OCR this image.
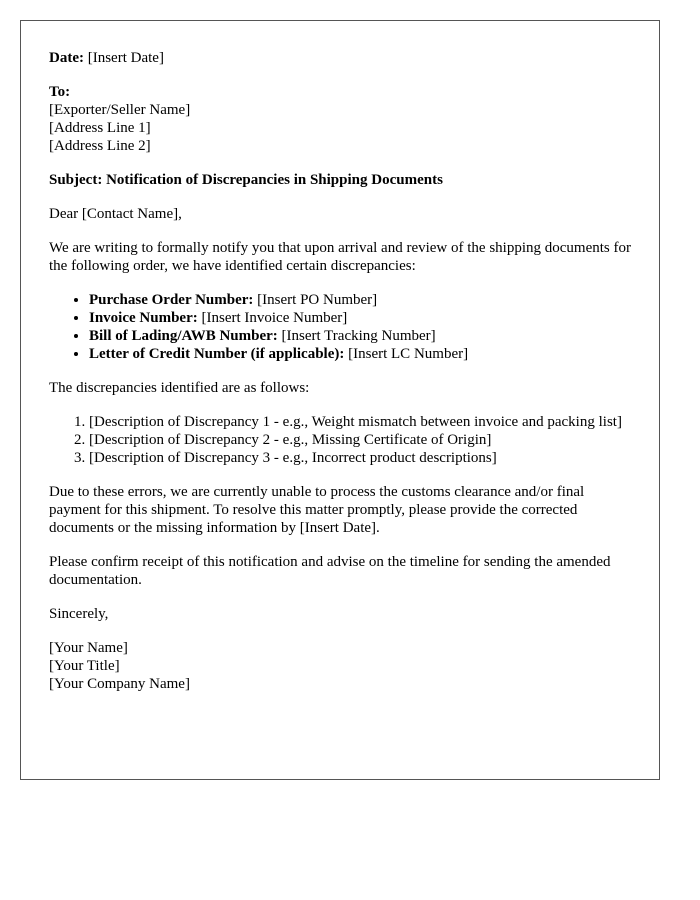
Date: [Insert Date]

To:
[Exporter/Seller Name]
[Address Line 1]
[Address Line 2]

Subject: Notification of Discrepancies in Shipping Documents

Dear [Contact Name],

We are writing to formally notify you that upon arrival and review of the shipping documents for the following order, we have identified certain discrepancies:

• Purchase Order Number: [Insert PO Number]
• Invoice Number: [Insert Invoice Number]
• Bill of Lading/AWB Number: [Insert Tracking Number]
• Letter of Credit Number (if applicable): [Insert LC Number]

The discrepancies identified are as follows:

1. [Description of Discrepancy 1 - e.g., Weight mismatch between invoice and packing list]
2. [Description of Discrepancy 2 - e.g., Missing Certificate of Origin]
3. [Description of Discrepancy 3 - e.g., Incorrect product descriptions]

Due to these errors, we are currently unable to process the customs clearance and/or final payment for this shipment. To resolve this matter promptly, please provide the corrected documents or the missing information by [Insert Date].

Please confirm receipt of this notification and advise on the timeline for sending the amended documentation.

Sincerely,

[Your Name]
[Your Title]
[Your Company Name]
